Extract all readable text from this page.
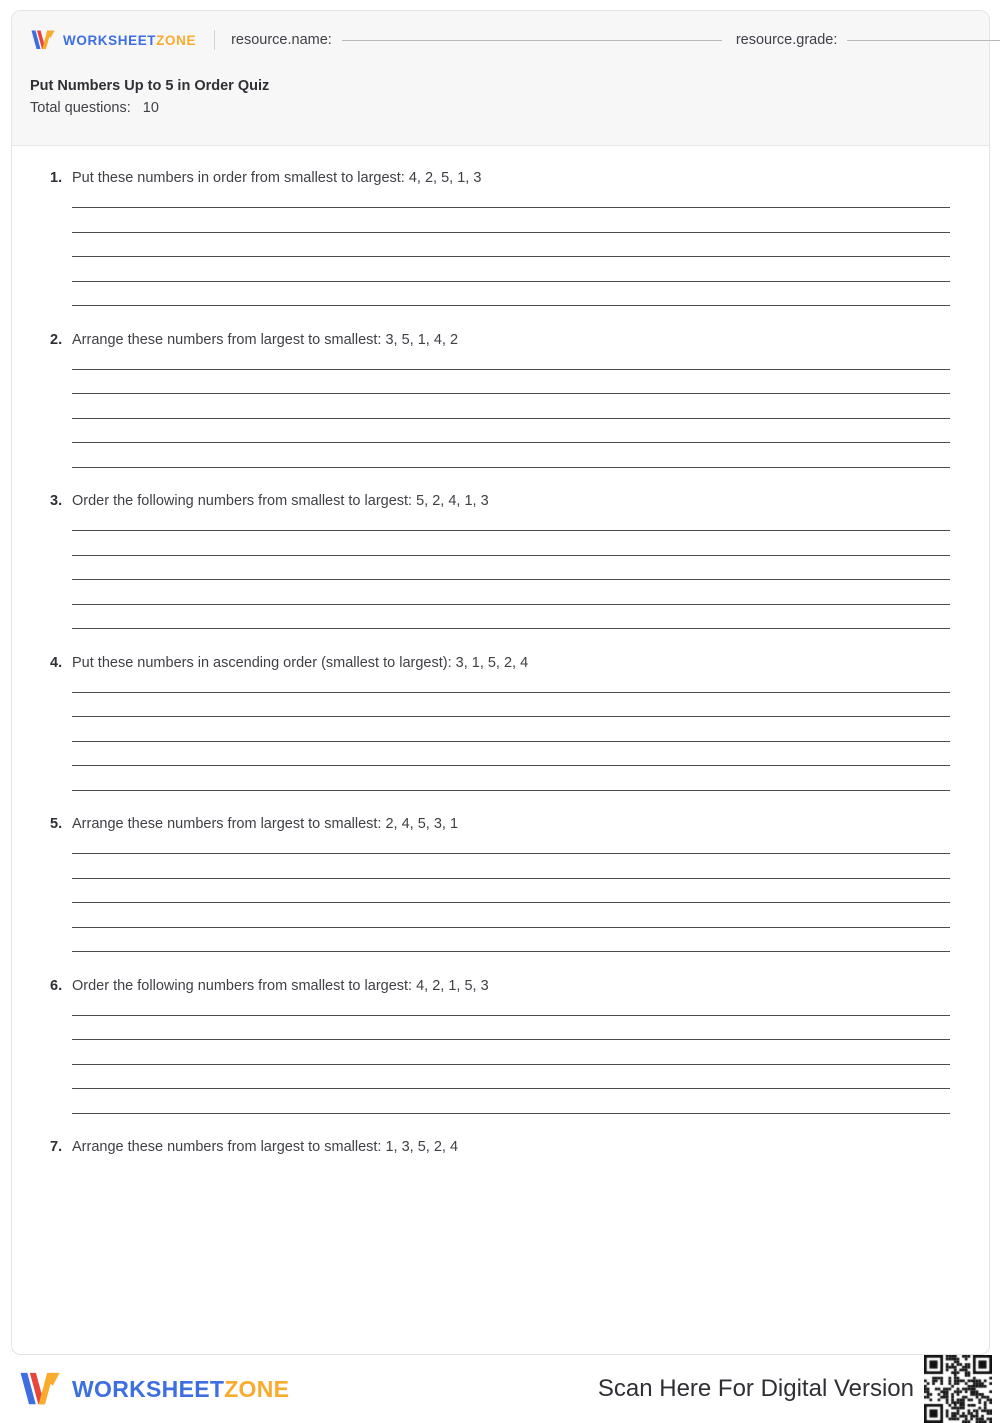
WORKSHEETZONE resource.name:	resource.grade:
Put Numbers Up to 5 in Order Quiz
Total questions: 10
1. Put these numbers in order from smallest to largest: 4, 2, 5, 1, 3
2. Arrange these numbers from largest to smallest: 3, 5, 1, 4, 2
3. Order the following numbers from smallest to largest: 5, 2, 4, 1, 3
4. Put these numbers in ascending order (smallest to largest): 3, 1, 5, 2, 4
5. Arrange these numbers from largest to smallest: 2, 4, 5, 3, 1
6. Order the following numbers from smallest to largest: 4, 2, 1, 5, 3
7. Arrange these numbers from largest to smallest: 1, 3, 5, 2, 4
WORKSHEETZONE	Scan Here For Digital Version
